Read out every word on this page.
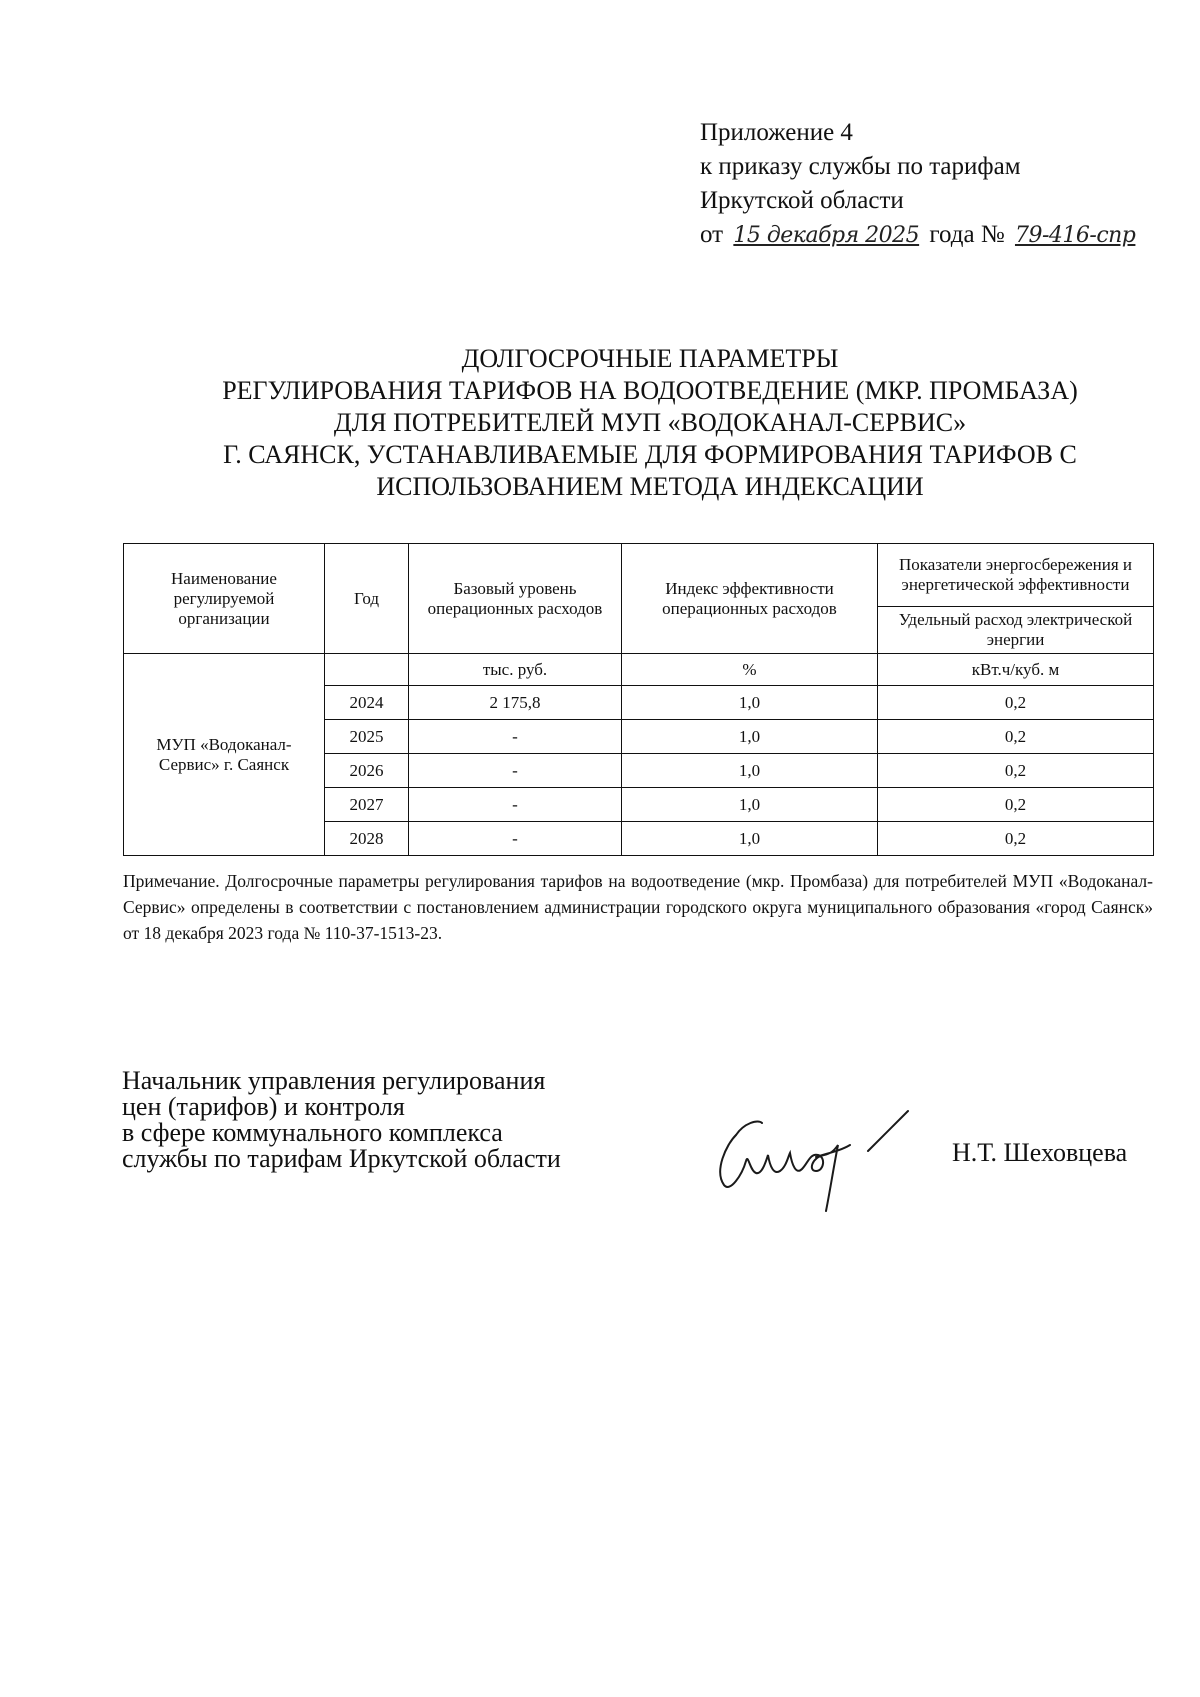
Приложение 4
к приказу службы по тарифам
Иркутской области
от 15 декабря 2025 года № 79-416-спр
ДОЛГОСРОЧНЫЕ ПАРАМЕТРЫ
РЕГУЛИРОВАНИЯ ТАРИФОВ НА ВОДООТВЕДЕНИЕ (МКР. ПРОМБАЗА)
ДЛЯ ПОТРЕБИТЕЛЕЙ МУП «ВОДОКАНАЛ-СЕРВИС»
Г. САЯНСК, УСТАНАВЛИВАЕМЫЕ ДЛЯ ФОРМИРОВАНИЯ ТАРИФОВ С
ИСПОЛЬЗОВАНИЕМ МЕТОДА ИНДЕКСАЦИИ
Наименование регулируемой организации	Год	Базовый уровень операционных расходов	Индекс эффективности операционных расходов	Показатели энергосбережения и энергетической эффективности
				Удельный расход электрической энергии
МУП «Водоканал-Сервис» г. Саянск		тыс. руб.	%	кВт.ч/куб. м
	2024	2 175,8	1,0	0,2
	2025	-	1,0	0,2
	2026	-	1,0	0,2
	2027	-	1,0	0,2
	2028	-	1,0	0,2
Примечание. Долгосрочные параметры регулирования тарифов на водоотведение (мкр. Промбаза) для потребителей МУП «Водоканал-Сервис» определены в соответствии с постановлением администрации городского округа муниципального образования «город Саянск» от 18 декабря 2023 года № 110-37-1513-23.
Начальник управления регулирования
цен (тарифов) и контроля
в сфере коммунального комплекса
службы по тарифам Иркутской области	Н.Т. Шеховцева
